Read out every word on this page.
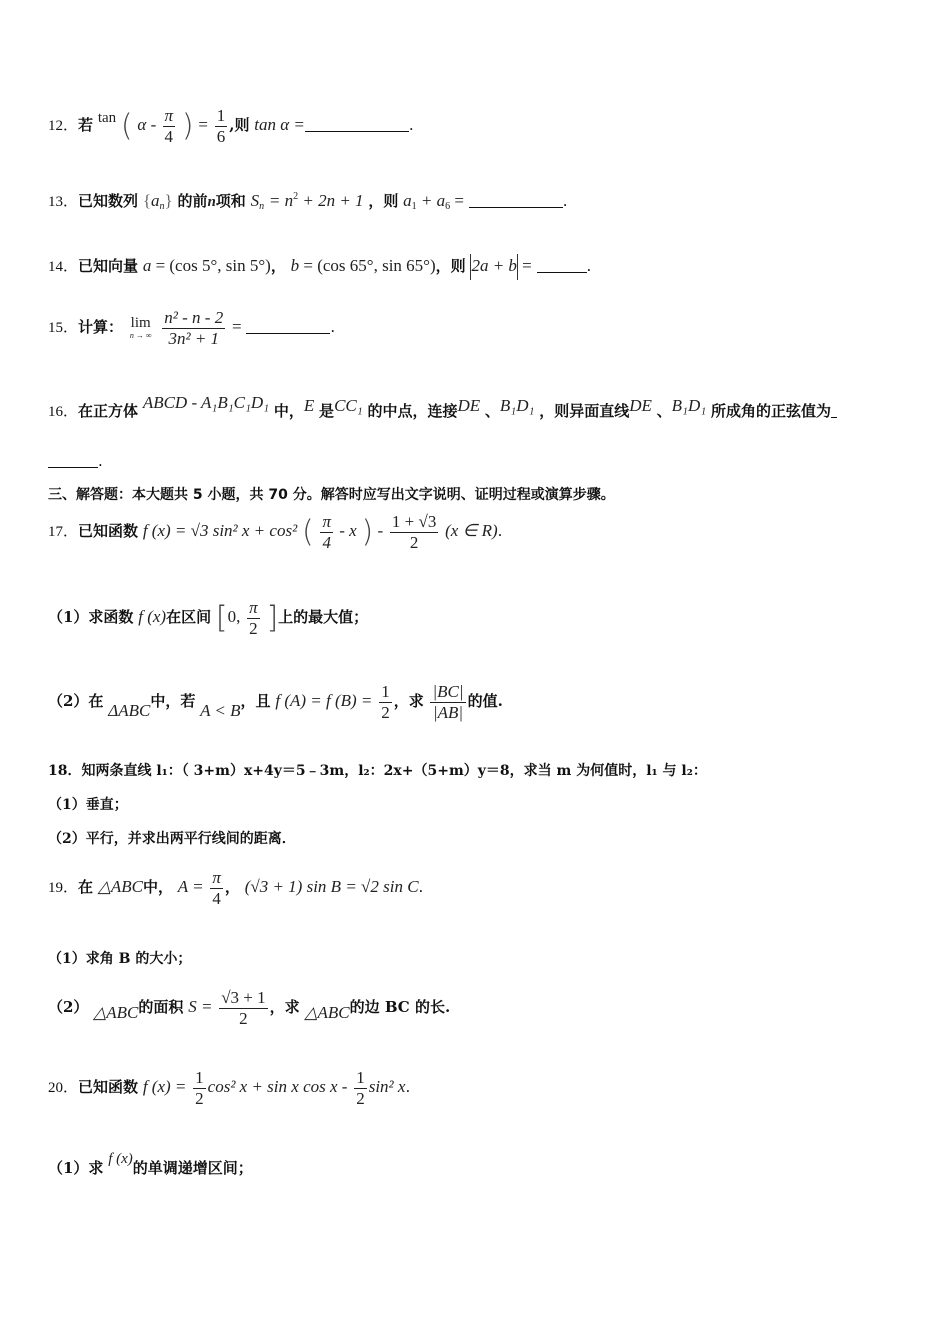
12．若 tan ( α - $\frac{\pi}{4}$ ) = $\frac{1}{6}$ ,则 tan α =	.
13．已知数列 $\{a_n\}$ 的前n项和 $S_n = n^2 + 2n + 1$ ，则 $a_1 + a_6$ =	.
14．已知向量 a = (cos 5°, sin 5°)， b = (cos 65°, sin 65°)，则 2a + b =	.
15．计算： lim
n → ∞
$\frac{\text{n² - n - 2}}{\text{3n² + 1}}$ =	.
16．在正方体 ABCD - A₁B₁C₁D₁ 中，E 是CC₁ 的中点，连接DE 、B₁D₁ ，则异面直线DE 、B₁D₁ 所成角的正弦值为
.
三、解答题：本大题共 5 小题，共 70 分。解答时应写出文字说明、证明过程或演算步骤。
17．已知函数 f (x) = √3 sin² x + cos² ( $\frac{\pi}{4}$ - x ) - $\frac{1 + √3}{2} (x$ ∈ R).
（1）求函数 f (x)在区间 [0, $\frac{\pi}{2}$ ]上的最大值；
（2）在 ΔABC中，若 A < B，且 f (A) = f $(B) = \frac{1}{2}$ ，求 $\frac{|BC|}{|AB|}$ 的值.
18．知两条直线 l₁：（ 3+m）x+4y＝5﹣3m，l₂：2x+（5+m）y＝8，求当 m 为何值时，l₁ 与 l₂：
（1）垂直；
（2）平行，并求出两平行线间的距离．
19．在 △ABC中， $A = \frac{\pi}{4}$ ， (√3 + 1) sin B = √2 sin C.
（1）求角 B 的大小；
（2） △ABC的面积 $S = \frac{√3 + 1}{2}$ ，求 △ABC的边 BC 的长.
20．已知函数 f $(x) = \frac{1}{2} \cos^2$ x + sin x cos x - $\frac{1}{2} \sin^2$ x.
（1）求 f (x)的单调递增区间；
